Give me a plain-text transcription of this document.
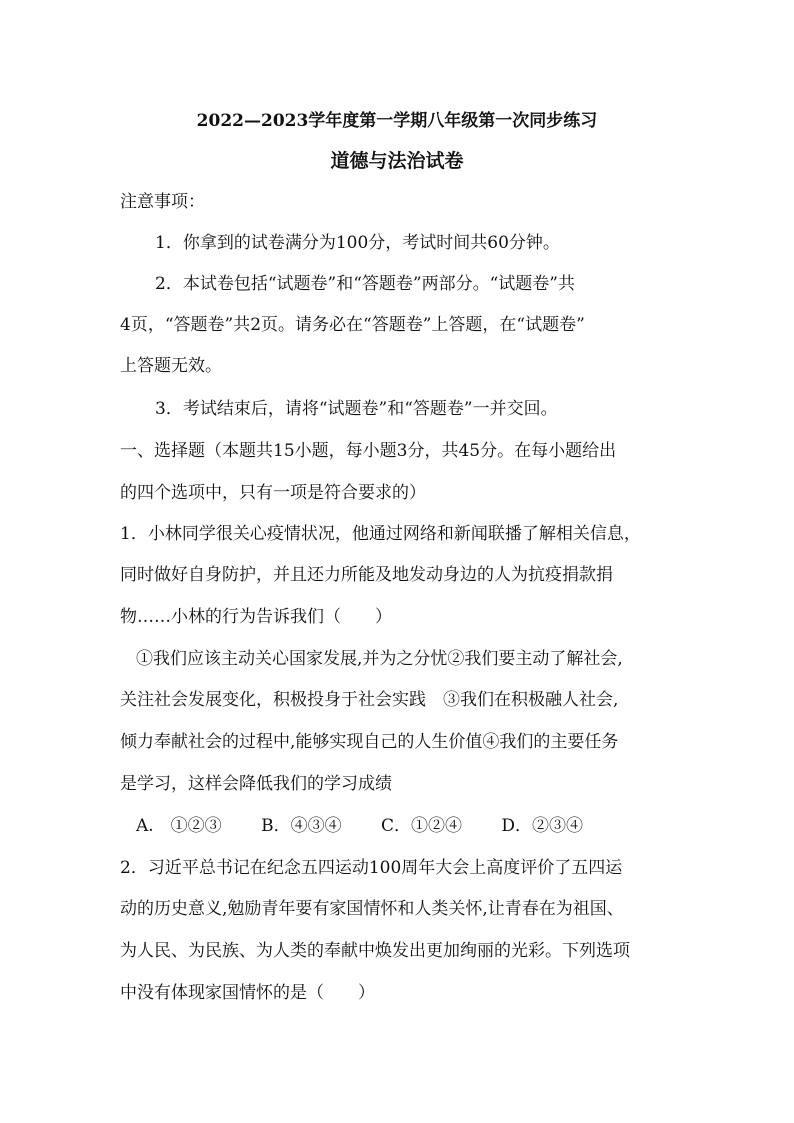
2022—2023学年度第一学期八年级第一次同步练习
道德与法治试卷
注意事项：
1．你拿到的试卷满分为100分，考试时间共60分钟。
2．本试卷包括“试题卷”和“答题卷”两部分。“试题卷”共
4页，“答题卷”共2页。请务必在“答题卷”上答题，在“试题卷”
上答题无效。
3．考试结束后，请将“试题卷”和“答题卷”一并交回。
一、选择题（本题共15小题，每小题3分，共45分。在每小题给出
的四个选项中，只有一项是符合要求的）
1．小林同学很关心疫情状况，他通过网络和新闻联播了解相关信息，
同时做好自身防护，并且还力所能及地发动身边的人为抗疫捐款捐
物……小林的行为告诉我们（　　）
①我们应该主动关心国家发展,并为之分忧②我们要主动了解社会,
关注社会发展变化，积极投身于社会实践　③我们在积极融人社会,
倾力奉献社会的过程中,能够实现自己的人生价值④我们的主要任务
是学习，这样会降低我们的学习成绩
A.　①②③ B．④③④ C．①②④ D．②③④
2．习近平总书记在纪念五四运动100周年大会上高度评价了五四运
动的历史意义,勉励青年要有家国情怀和人类关怀,让青春在为祖国、
为人民、为民族、为人类的奉献中焕发出更加绚丽的光彩。下列选项
中没有体现家国情怀的是（　　）
